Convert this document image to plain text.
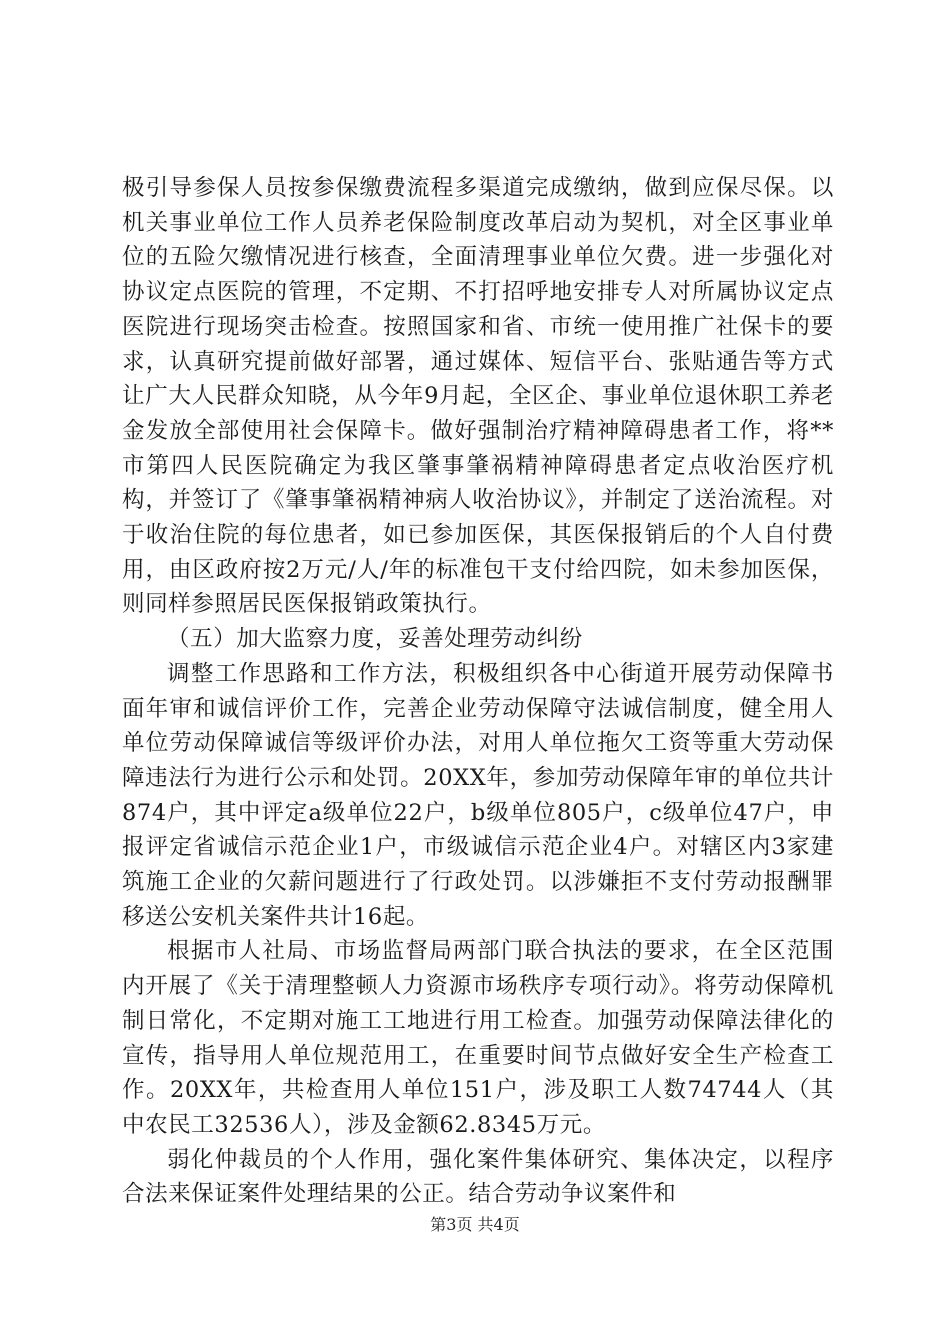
极引导参保人员按参保缴费流程多渠道完成缴纳，做到应保尽保。以机关事业单位工作人员养老保险制度改革启动为契机，对全区事业单位的五险欠缴情况进行核查，全面清理事业单位欠费。进一步强化对协议定点医院的管理，不定期、不打招呼地安排专人对所属协议定点医院进行现场突击检查。按照国家和省、市统一使用推广社保卡的要求，认真研究提前做好部署，通过媒体、短信平台、张贴通告等方式让广大人民群众知晓，从今年9月起，全区企、事业单位退休职工养老金发放全部使用社会保障卡。做好强制治疗精神障碍患者工作，将**市第四人民医院确定为我区肇事肇祸精神障碍患者定点收治医疗机构，并签订了《肇事肇祸精神病人收治协议》，并制定了送治流程。对于收治住院的每位患者，如已参加医保，其医保报销后的个人自付费用，由区政府按2万元/人/年的标准包干支付给四院，如未参加医保，则同样参照居民医保报销政策执行。

（五）加大监察力度，妥善处理劳动纠纷

调整工作思路和工作方法，积极组织各中心街道开展劳动保障书面年审和诚信评价工作，完善企业劳动保障守法诚信制度，健全用人单位劳动保障诚信等级评价办法，对用人单位拖欠工资等重大劳动保障违法行为进行公示和处罚。20XX年，参加劳动保障年审的单位共计874户，其中评定a级单位22户，b级单位805户，c级单位47户，申报评定省诚信示范企业1户，市级诚信示范企业4户。对辖区内3家建筑施工企业的欠薪问题进行了行政处罚。以涉嫌拒不支付劳动报酬罪移送公安机关案件共计16起。

根据市人社局、市场监督局两部门联合执法的要求，在全区范围内开展了《关于清理整顿人力资源市场秩序专项行动》。将劳动保障机制日常化，不定期对施工工地进行用工检查。加强劳动保障法律化的宣传，指导用人单位规范用工，在重要时间节点做好安全生产检查工作。20XX年，共检查用人单位151户，涉及职工人数74744人（其中农民工32536人），涉及金额62.8345万元。

弱化仲裁员的个人作用，强化案件集体研究、集体决定，以程序合法来保证案件处理结果的公正。结合劳动争议案件和

第3页 共4页
